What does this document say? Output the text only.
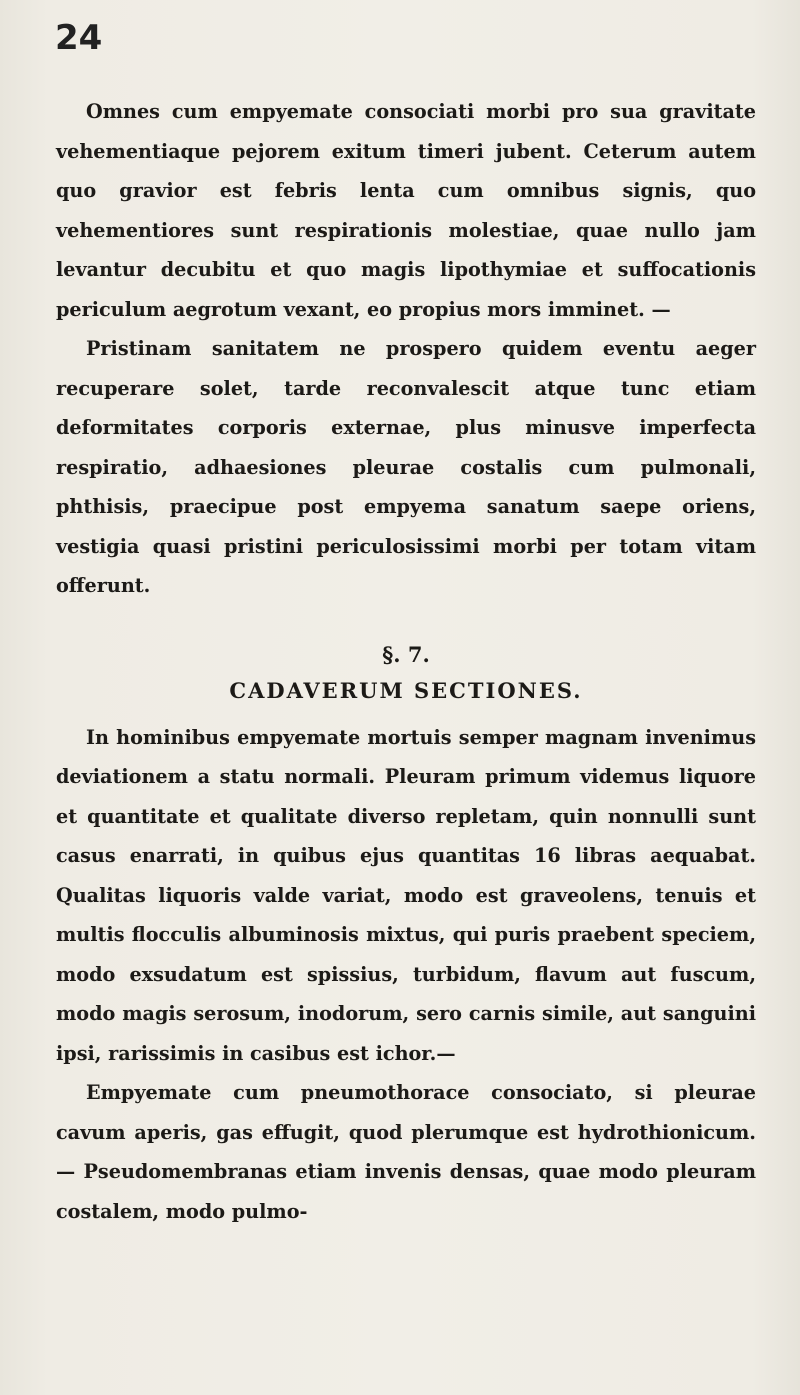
24

Omnes cum empyemate consociati morbi pro sua gravitate vehementiaque pejorem exitum timeri jubent. Ceterum autem quo gravior est febris lenta cum omnibus signis, quo vehementiores sunt respirationis molestiae, quae nullo jam levantur decubitu et quo magis lipothymiae et suffocationis periculum aegrotum vexant, eo propius mors imminet. —

Pristinam sanitatem ne prospero quidem eventu aeger recuperare solet, tarde reconvalescit atque tunc etiam deformitates corporis externae, plus minusve imperfecta respiratio, adhaesiones pleurae costalis cum pulmonali, phthisis, praecipue post empyema sanatum saepe oriens, vestigia quasi pristini periculosissimi morbi per totam vitam offerunt.

§. 7.
CADAVERUM SECTIONES.

In hominibus empyemate mortuis semper magnam invenimus deviationem a statu normali. Pleuram primum videmus liquore et quantitate et qualitate diverso repletam, quin nonnulli sunt casus enarrati, in quibus ejus quantitas 16 libras aequabat. Qualitas liquoris valde variat, modo est graveolens, tenuis et multis flocculis albuminosis mixtus, qui puris praebent speciem, modo exsudatum est spissius, turbidum, flavum aut fuscum, modo magis serosum, inodorum, sero carnis simile, aut sanguini ipsi, rarissimis in casibus est ichor.—

Empyemate cum pneumothorace consociato, si pleurae cavum aperis, gas effugit, quod plerumque est hydrothionicum. — Pseudomembranas etiam invenis densas, quae modo pleuram costalem, modo pulmo-
